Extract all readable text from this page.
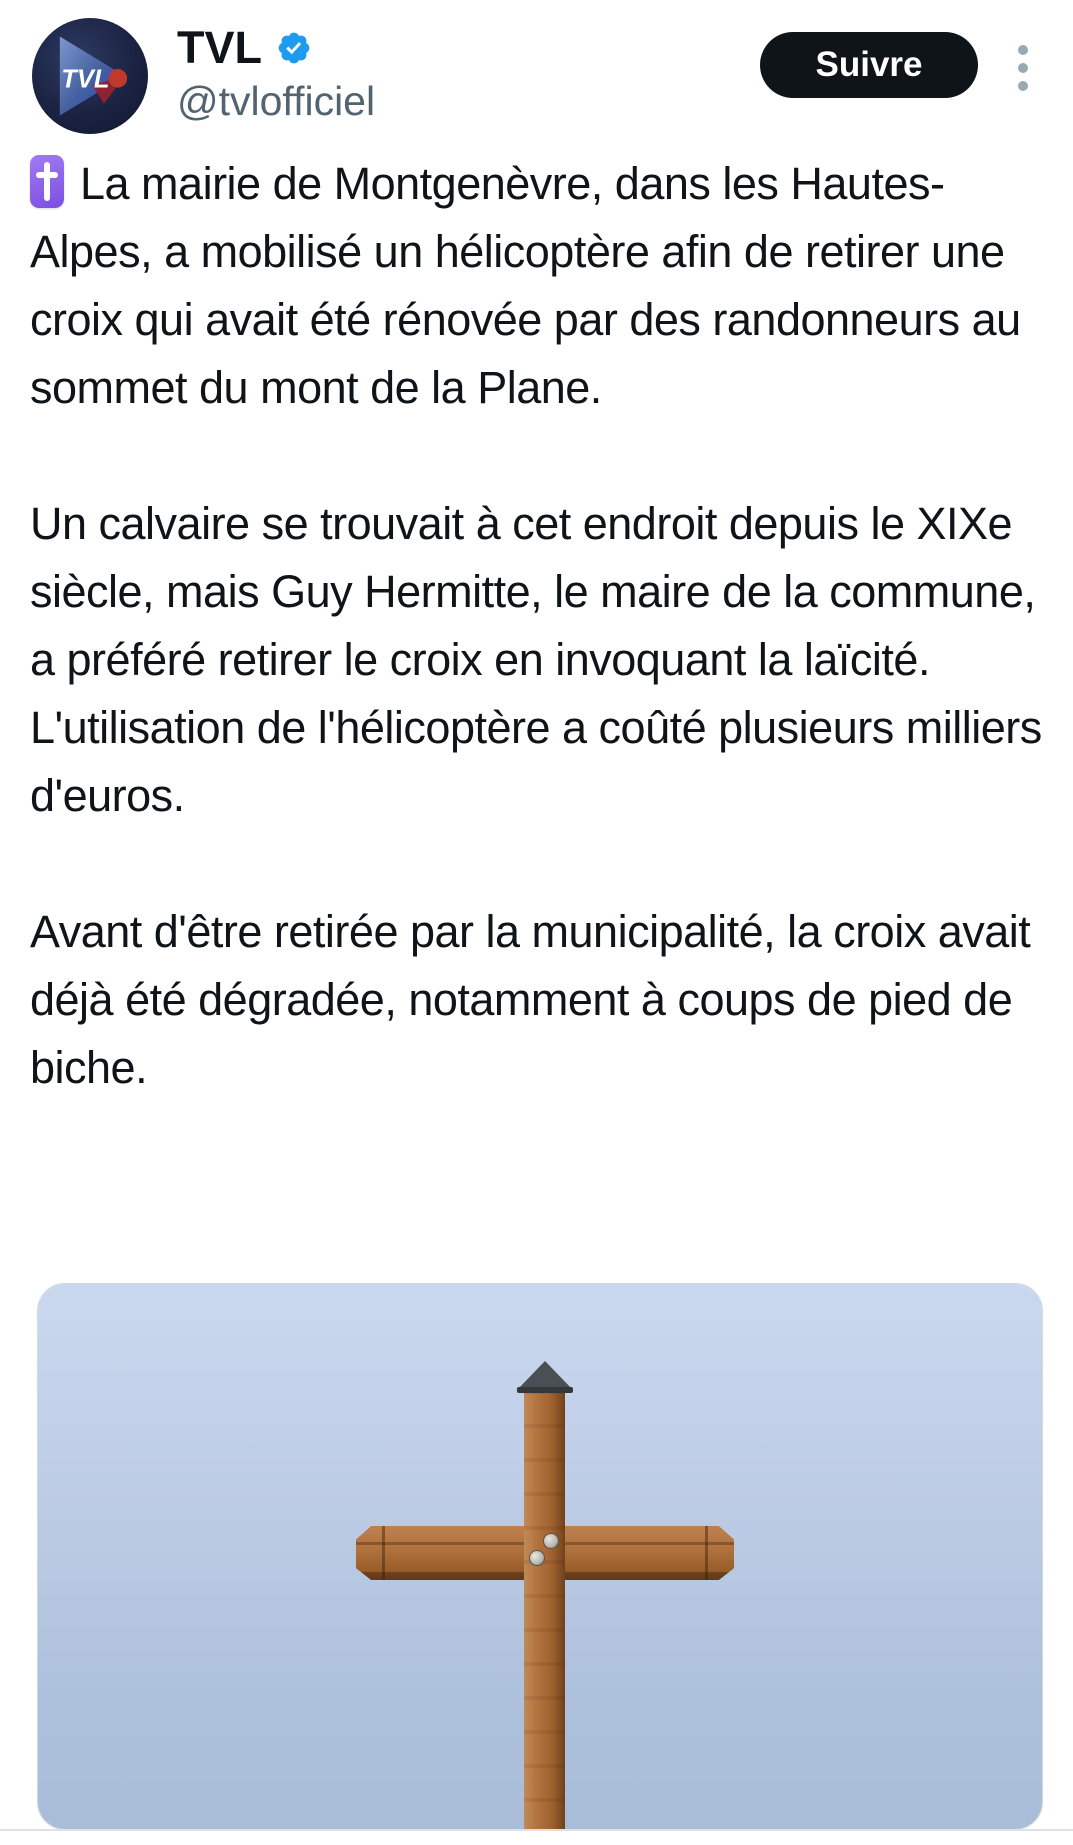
TVL
TVL
@tvlofficiel
Suivre

La mairie de Montgenèvre, dans les Hautes-Alpes, a mobilisé un hélicoptère afin de retirer une croix qui avait été rénovée par des randonneurs au sommet du mont de la Plane.

Un calvaire se trouvait à cet endroit depuis le XIXe siècle, mais Guy Hermitte, le maire de la commune, a préféré retirer le croix en invoquant la laïcité. L'utilisation de l'hélicoptère a coûté plusieurs milliers d'euros.

Avant d'être retirée par la municipalité, la croix avait déjà été dégradée, notamment à coups de pied de biche.
